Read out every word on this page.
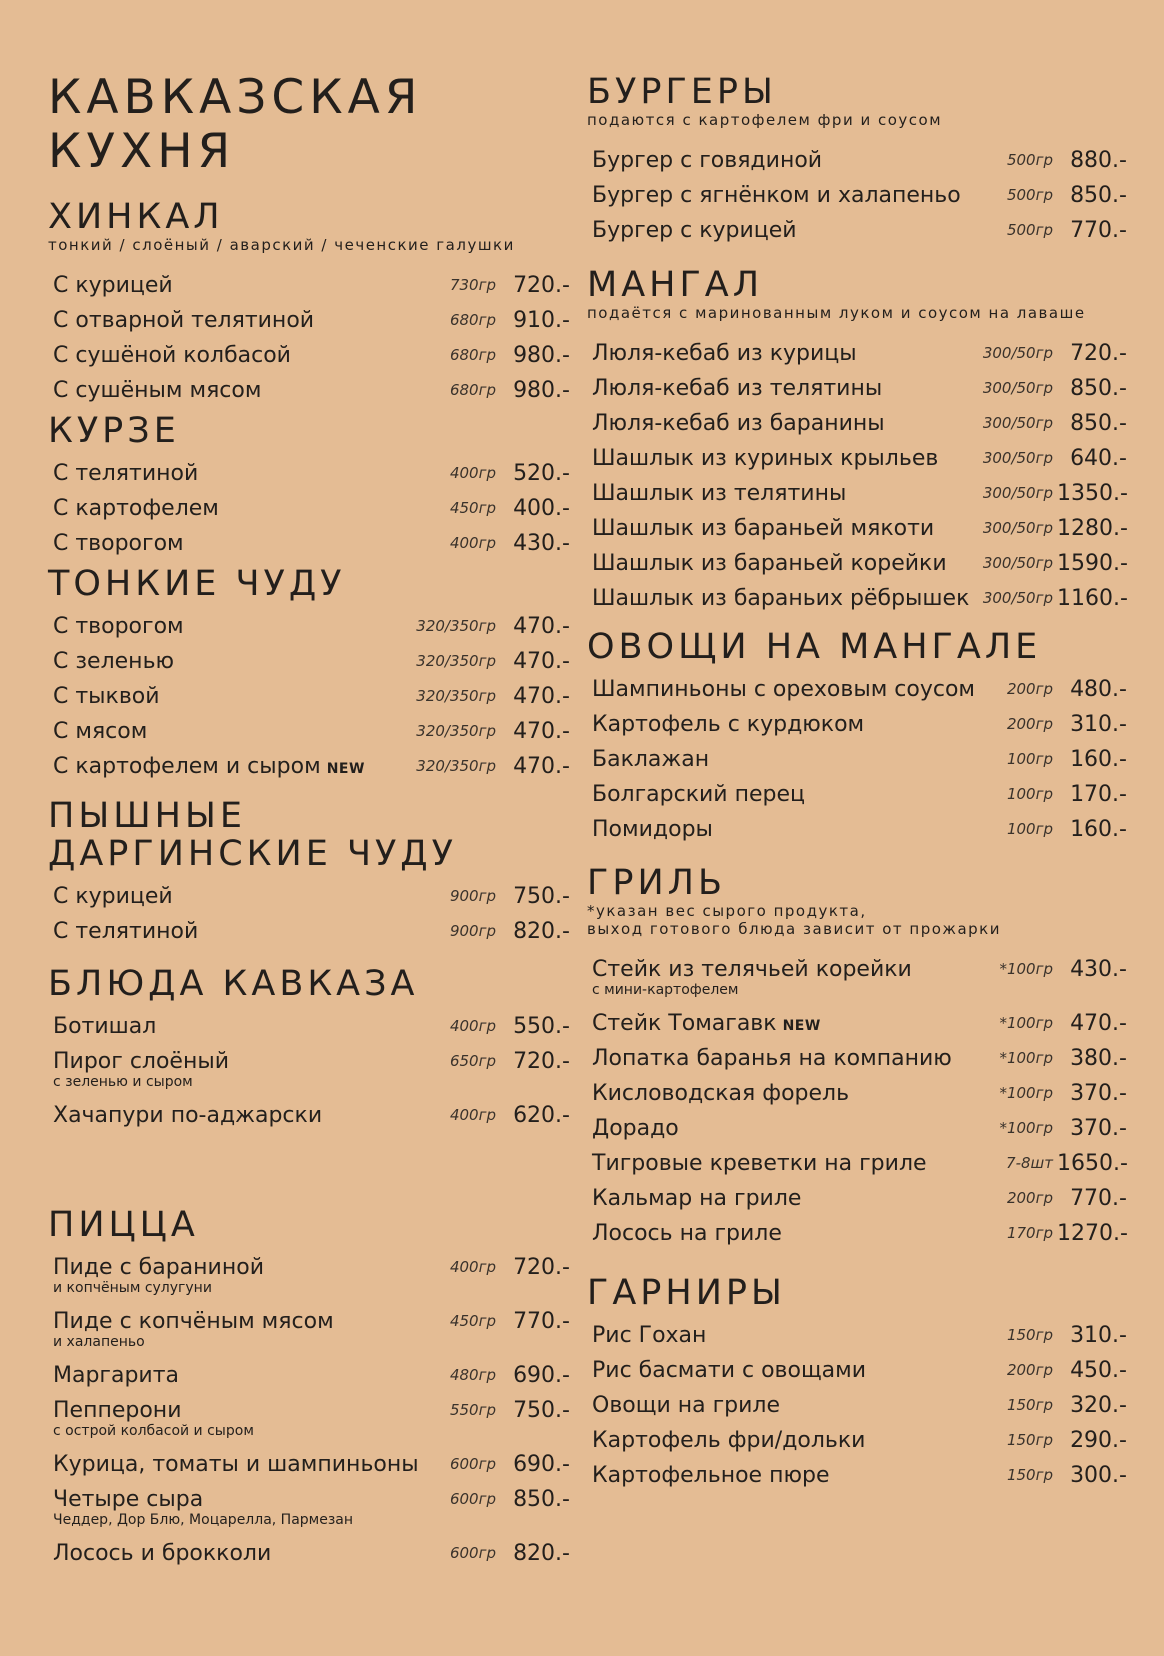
КАВКАЗСКАЯ
КУХНЯ
ХИНКАЛ
тонкий / слоёный / аварский / чеченские галушки
С курицей	730гр 720.-
С отварной телятиной	680гр 910.-
С сушёной колбасой	680гр 980.-
С сушёным мясом	680гр 980.-
КУРЗЕ
С телятиной	400гр 520.-
С картофелем	450гр 400.-
С творогом	400гр 430.-
ТОНКИЕ ЧУДУ
С творогом	320/350гр 470.-
С зеленью	320/350гр 470.-
С тыквой	320/350гр 470.-
С мясом	320/350гр 470.-
С картофелем и сыром NEW	320/350гр 470.-
ПЫШНЫЕ
ДАРГИНСКИЕ ЧУДУ
С курицей	900гр 750.-
С телятиной	900гр 820.-
БЛЮДА КАВКАЗА
Ботишал	400гр 550.-
Пирог слоёный	650гр 720.-
с зеленью и сыром
Хачапури по-аджарски	400гр 620.-
ПИЦЦА
Пиде с бараниной	400гр 720.-
и копчёным сулугуни
Пиде с копчёным мясом	450гр 770.-
и халапеньо
Маргарита	480гр 690.-
Пепперони	550гр 750.-
с острой колбасой и сыром
Курица, томаты и шампиньоны 600гр 690.-
Четыре сыра	600гр 850.-
Чеддер, Дор Блю, Моцарелла, Пармезан
Лосось и брокколи	600гр 820.-
БУРГЕРЫ
подаются с картофелем фри и соусом
Бургер с говядиной	500гр 880.-
Бургер с ягнёнком и халапеньо	500гр 850.-
Бургер с курицей	500гр 770.-
МАНГАЛ
подаётся с маринованным луком и соусом на лаваше
Люля-кебаб из курицы	300/50гр 720.-
Люля-кебаб из телятины	300/50гр 850.-
Люля-кебаб из баранины	300/50гр 850.-
Шашлык из куриных крыльев	300/50гр 640.-
Шашлык из телятины	300/50гр 1350.-
Шашлык из бараньей мякоти	300/50гр 1280.-
Шашлык из бараньей корейки 300/50гр 1590.-
Шашлык из бараньих рёбрышек 300/50гр 1160.-
ОВОЩИ НА МАНГАЛЕ
Шампиньоны с ореховым соусом 200гр 480.-
Картофель с курдюком	200гр 310.-
Баклажан	100гр 160.-
Болгарский перец	100гр 170.-
Помидоры	100гр 160.-
ГРИЛЬ
*указан вес сырого продукта,
выход готового блюда зависит от прожарки
Стейк из телячьей корейки	*100гр 430.-
с мини-картофелем
Стейк Томагавк NEW	*100гр 470.-
Лопатка баранья на компанию	*100гр 380.-
Кисловодская форель	*100гр 370.-
Дорадо	*100гр 370.-
Тигровые креветки на гриле	7-8шт 1650.-
Кальмар на гриле	200гр 770.-
Лосось на гриле	170гр 1270.-
ГАРНИРЫ
Рис Гохан	150гр 310.-
Рис басмати с овощами	200гр 450.-
Овощи на гриле	150гр 320.-
Картофель фри/дольки	150гр 290.-
Картофельное пюре	150гр 300.-
